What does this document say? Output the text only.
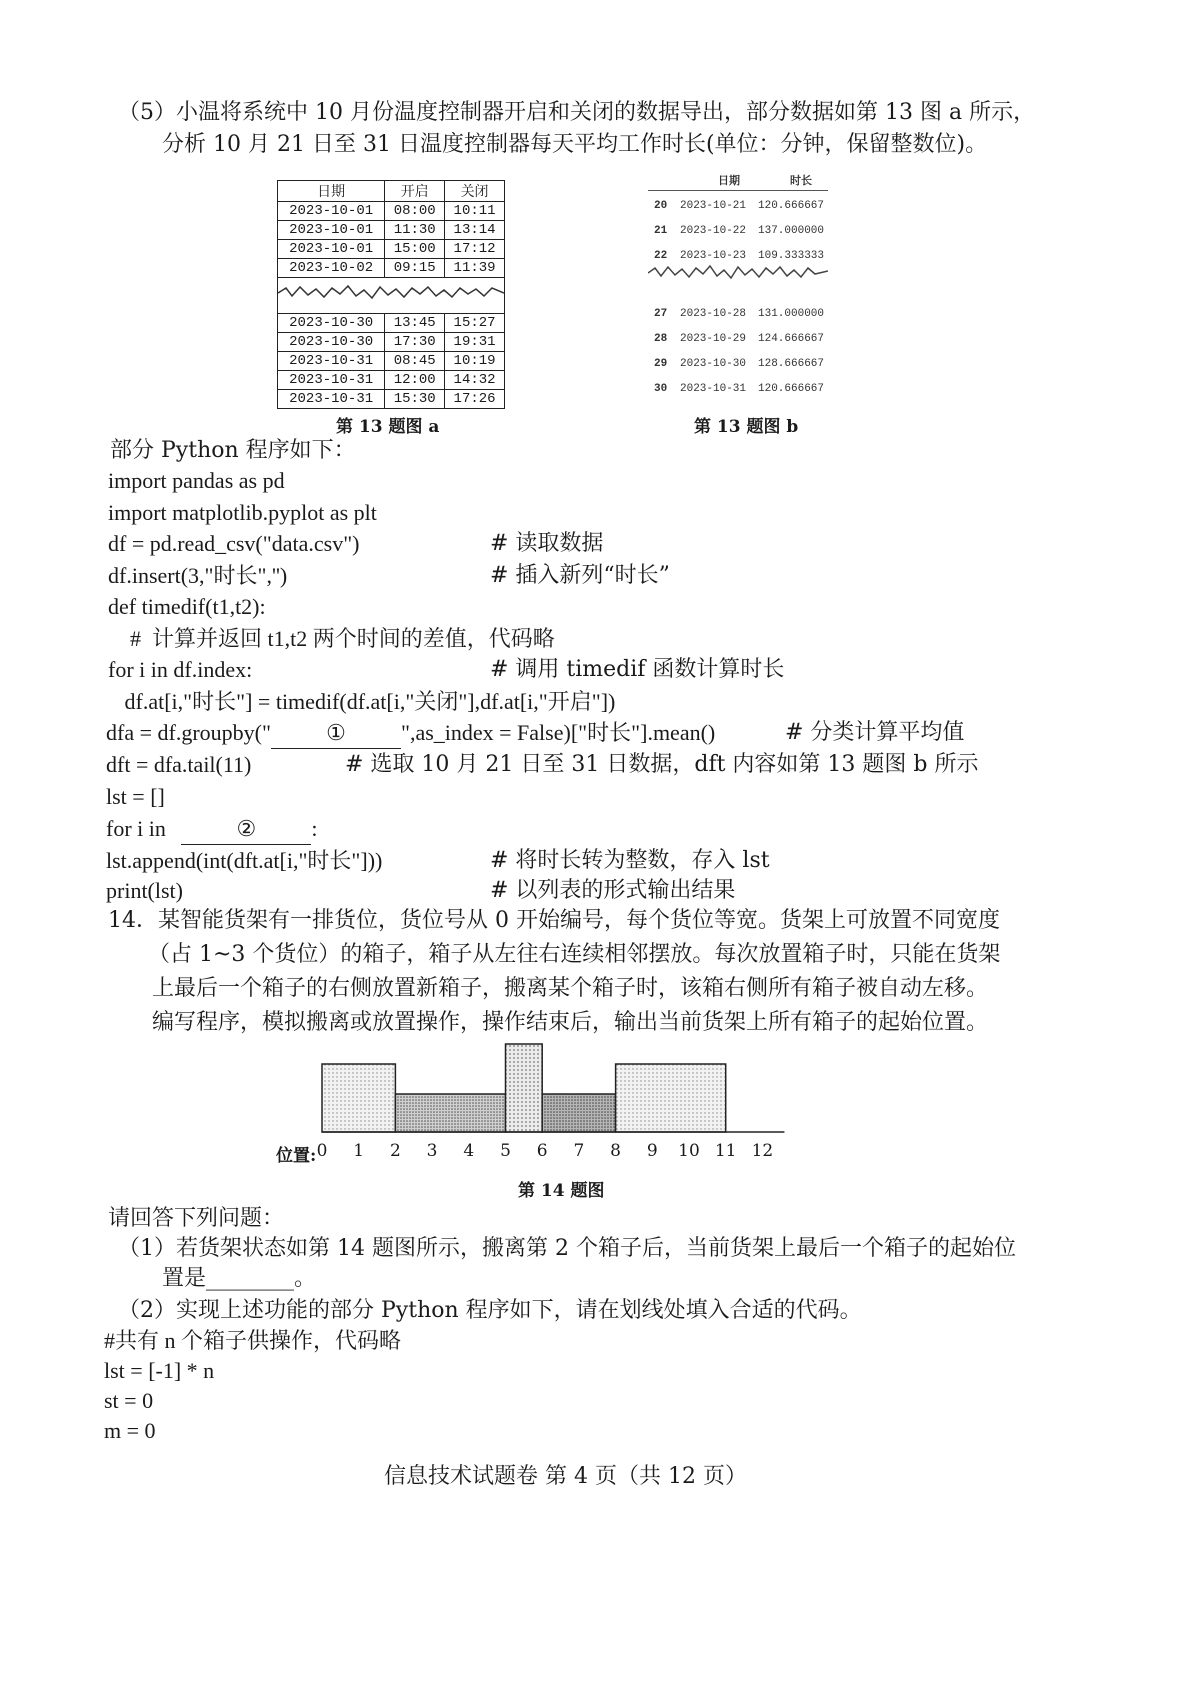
（5）小温将系统中 10 月份温度控制器开启和关闭的数据导出，部分数据如第 13 图 a 所示，
分析 10 月 21 日至 31 日温度控制器每天平均工作时长(单位：分钟，保留整数位)。
日期	开启	关闭
2023-10-01	08:00	10:11
2023-10-01	11:30	13:14
2023-10-01	15:00	17:12
2023-10-02	09:15	11:39

2023-10-30	13:45	15:27
2023-10-30	17:30	19:31
2023-10-31	08:45	10:19
2023-10-31	12:00	14:32
2023-10-31	15:30	17:26
第 13 题图 a
日期	时长
20 2023-10-21 120.666667
21 2023-10-22 137.000000
22 2023-10-23 109.333333
27 2023-10-28 131.000000
28 2023-10-29 124.666667
29 2023-10-30 128.666667
30 2023-10-31 120.666667
第 13 题图 b
部分 Python 程序如下：
import pandas as pd
import matplotlib.pyplot as plt
df = pd.read_csv("data.csv")	# 读取数据
df.insert(3,"时长",'')	# 插入新列“时长”
def timedif(t1,t2):
#  计算并返回 t1,t2 两个时间的差值，代码略
for i in df.index:	# 调用 timedif 函数计算时长
df.at[i,"时长"] = timedif(df.at[i,"关闭"],df.at[i,"开启"])
dfa = df.groupby("	①	",as_index = False)["时长"].mean()	# 分类计算平均值
dft = dfa.tail(11)	# 选取 10 月 21 日至 31 日数据，dft 内容如第 13 题图 b 所示
lst = []
for i in	②	:
lst.append(int(dft.at[i,"时长"]))	# 将时长转为整数，存入 lst
print(lst)	# 以列表的形式输出结果
14．某智能货架有一排货位，货位号从 0 开始编号，每个货位等宽。货架上可放置不同宽度
（占 1~3 个货位）的箱子，箱子从左往右连续相邻摆放。每次放置箱子时，只能在货架
上最后一个箱子的右侧放置新箱子，搬离某个箱子时，该箱右侧所有箱子被自动左移。
编写程序，模拟搬离或放置操作，操作结束后，输出当前货架上所有箱子的起始位置。
位置: 0 1 2 3 4 5 6 7 8 9 10 11 12
第 14 题图
请回答下列问题：
（1）若货架状态如第 14 题图所示，搬离第 2 个箱子后，当前货架上最后一个箱子的起始位
置是________。
（2）实现上述功能的部分 Python 程序如下，请在划线处填入合适的代码。
#共有 n 个箱子供操作，代码略
lst = [-1] * n
st = 0
m = 0
信息技术试题卷 第 4 页（共 12 页）
